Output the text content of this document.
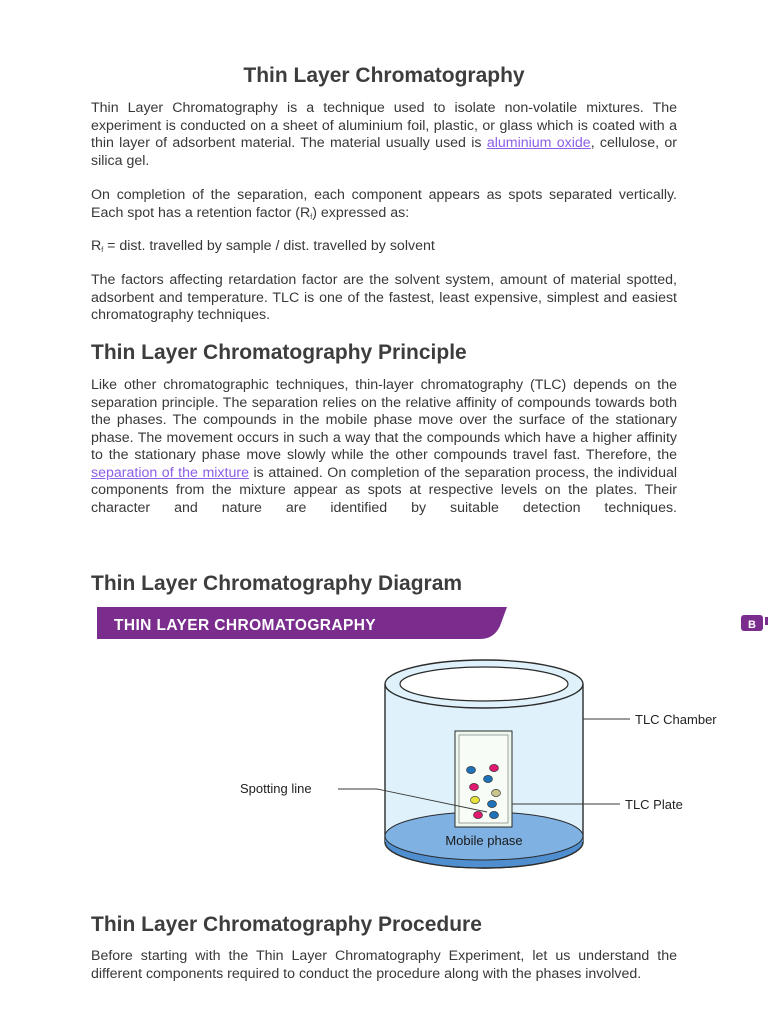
Thin Layer Chromatography

Thin Layer Chromatography is a technique used to isolate non-volatile mixtures. The experiment is conducted on a sheet of aluminium foil, plastic, or glass which is coated with a thin layer of adsorbent material. The material usually used is aluminium oxide, cellulose, or silica gel.

On completion of the separation, each component appears as spots separated vertically. Each spot has a retention factor $(R_f)$ expressed as:

$R_f$ = dist. travelled by sample / dist. travelled by solvent

The factors affecting retardation factor are the solvent system, amount of material spotted, adsorbent and temperature. TLC is one of the fastest, least expensive, simplest and easiest chromatography techniques.

Thin Layer Chromatography Principle

Like other chromatographic techniques, thin-layer chromatography (TLC) depends on the separation principle. The separation relies on the relative affinity of compounds towards both the phases. The compounds in the mobile phase move over the surface of the stationary phase. The movement occurs in such a way that the compounds which have a higher affinity to the stationary phase move slowly while the other compounds travel fast. Therefore, the separation of the mixture is attained. On completion of the separation process, the individual components from the mixture appear as spots at respective levels on the plates. Their character and nature are identified by suitable detection techniques.

Thin Layer Chromatography Diagram
THIN LAYER CHROMATOGRAPHY	B
TLC Chamber
TLC Plate
Spotting line
Mobile phase
Thin Layer Chromatography Procedure

Before starting with the Thin Layer Chromatography Experiment, let us understand the different components required to conduct the procedure along with the phases involved.
